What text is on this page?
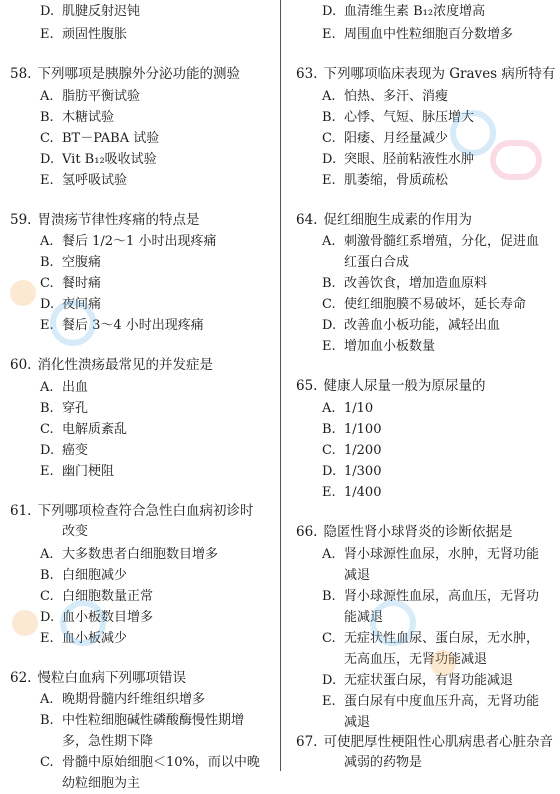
D. 肌腱反射迟钝
E. 顽固性腹胀
58. 下列哪项是胰腺外分泌功能的测验
A. 脂肪平衡试验
B. 木糖试验
C. BT－PABA 试验
D. Vit B₁₂吸收试验
E. 氢呼吸试验
59. 胃溃疡节律性疼痛的特点是
A. 餐后 1/2～1 小时出现疼痛
B. 空腹痛
C. 餐时痛
D. 夜间痛
E. 餐后 3～4 小时出现疼痛
60. 消化性溃疡最常见的并发症是
A. 出血
B. 穿孔
C. 电解质紊乱
D. 癌变
E. 幽门梗阻
61. 下列哪项检查符合急性白血病初诊时
改变
A. 大多数患者白细胞数目增多
B. 白细胞减少
C. 白细胞数量正常
D. 血小板数目增多
E. 血小板减少
62. 慢粒白血病下列哪项错误
A. 晚期骨髓内纤维组织增多
B. 中性粒细胞碱性磷酸酶慢性期增
多，急性期下降
C. 骨髓中原始细胞＜10%，而以中晚
幼粒细胞为主
D. 血清维生素 B₁₂浓度增高
E. 周围血中性粒细胞百分数增多
63. 下列哪项临床表现为 Graves 病所特有
A. 怕热、多汗、消瘦
B. 心悸、气短、脉压增大
C. 阳痿、月经量减少
D. 突眼、胫前粘液性水肿
E. 肌萎缩，骨质疏松
64. 促红细胞生成素的作用为
A. 刺激骨髓红系增殖，分化，促进血
红蛋白合成
B. 改善饮食，增加造血原料
C. 使红细胞膜不易破坏，延长寿命
D. 改善血小板功能，减轻出血
E. 增加血小板数量
65. 健康人尿量一般为原尿量的
A. 1/10
B. 1/100
C. 1/200
D. 1/300
E. 1/400
66. 隐匿性肾小球肾炎的诊断依据是
A. 肾小球源性血尿，水肿，无肾功能
减退
B. 肾小球源性血尿，高血压，无肾功
能减退
C. 无症状性血尿、蛋白尿，无水肿，
无高血压，无肾功能减退
D. 无症状蛋白尿，有肾功能减退
E. 蛋白尿有中度血压升高，无肾功能
减退
67. 可使肥厚性梗阻性心肌病患者心脏杂音
减弱的药物是
